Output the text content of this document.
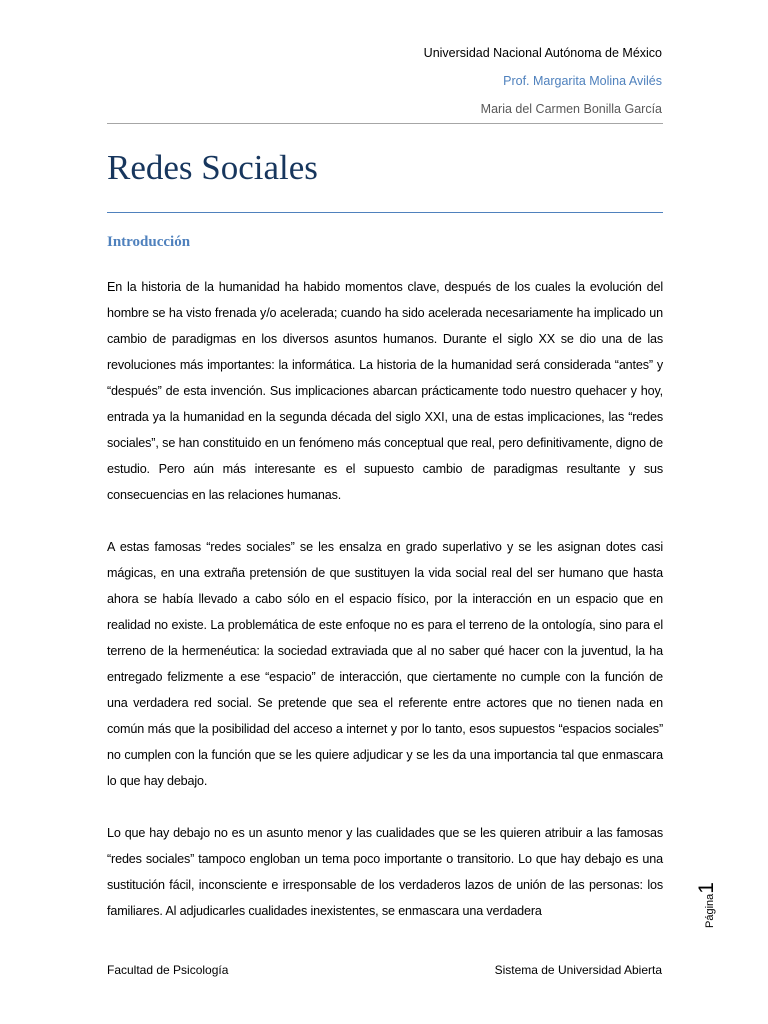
Universidad Nacional Autónoma de México
Prof. Margarita Molina Avilés
Maria del Carmen Bonilla García
Redes Sociales
Introducción

En la historia de la humanidad ha habido momentos clave, después de los cuales la evolución del hombre se ha visto frenada y/o acelerada; cuando ha sido acelerada necesariamente ha implicado un cambio de paradigmas en los diversos asuntos humanos. Durante el siglo XX se dio una de las revoluciones más importantes: la informática. La historia de la humanidad será considerada “antes” y “después” de esta invención. Sus implicaciones abarcan prácticamente todo nuestro quehacer y hoy, entrada ya la humanidad en la segunda década del siglo XXI, una de estas implicaciones, las “redes sociales”, se han constituido en un fenómeno más conceptual que real, pero definitivamente, digno de estudio. Pero aún más interesante es el supuesto cambio de paradigmas resultante y sus consecuencias en las relaciones humanas.

A estas famosas “redes sociales” se les ensalza en grado superlativo y se les asignan dotes casi mágicas, en una extraña pretensión de que sustituyen la vida social real del ser humano que hasta ahora se había llevado a cabo sólo en el espacio físico, por la interacción en un espacio que en realidad no existe. La problemática de este enfoque no es para el terreno de la ontología, sino para el terreno de la hermenéutica: la sociedad extraviada que al no saber qué hacer con la juventud, la ha entregado felizmente a ese “espacio” de interacción, que ciertamente no cumple con la función de una verdadera red social. Se pretende que sea el referente entre actores que no tienen nada en común más que la posibilidad del acceso a internet y por lo tanto, esos supuestos “espacios sociales” no cumplen con la función que se les quiere adjudicar y se les da una importancia tal que enmascara lo que hay debajo.

Lo que hay debajo no es un asunto menor y las cualidades que se les quieren atribuir a las famosas “redes sociales” tampoco engloban un tema poco importante o transitorio. Lo que hay debajo es una sustitución fácil, inconsciente e irresponsable de los verdaderos lazos de unión de las personas: los familiares. Al adjudicarles cualidades inexistentes, se enmascara una verdadera	Página1
Facultad de Psicología	Sistema de Universidad Abierta
